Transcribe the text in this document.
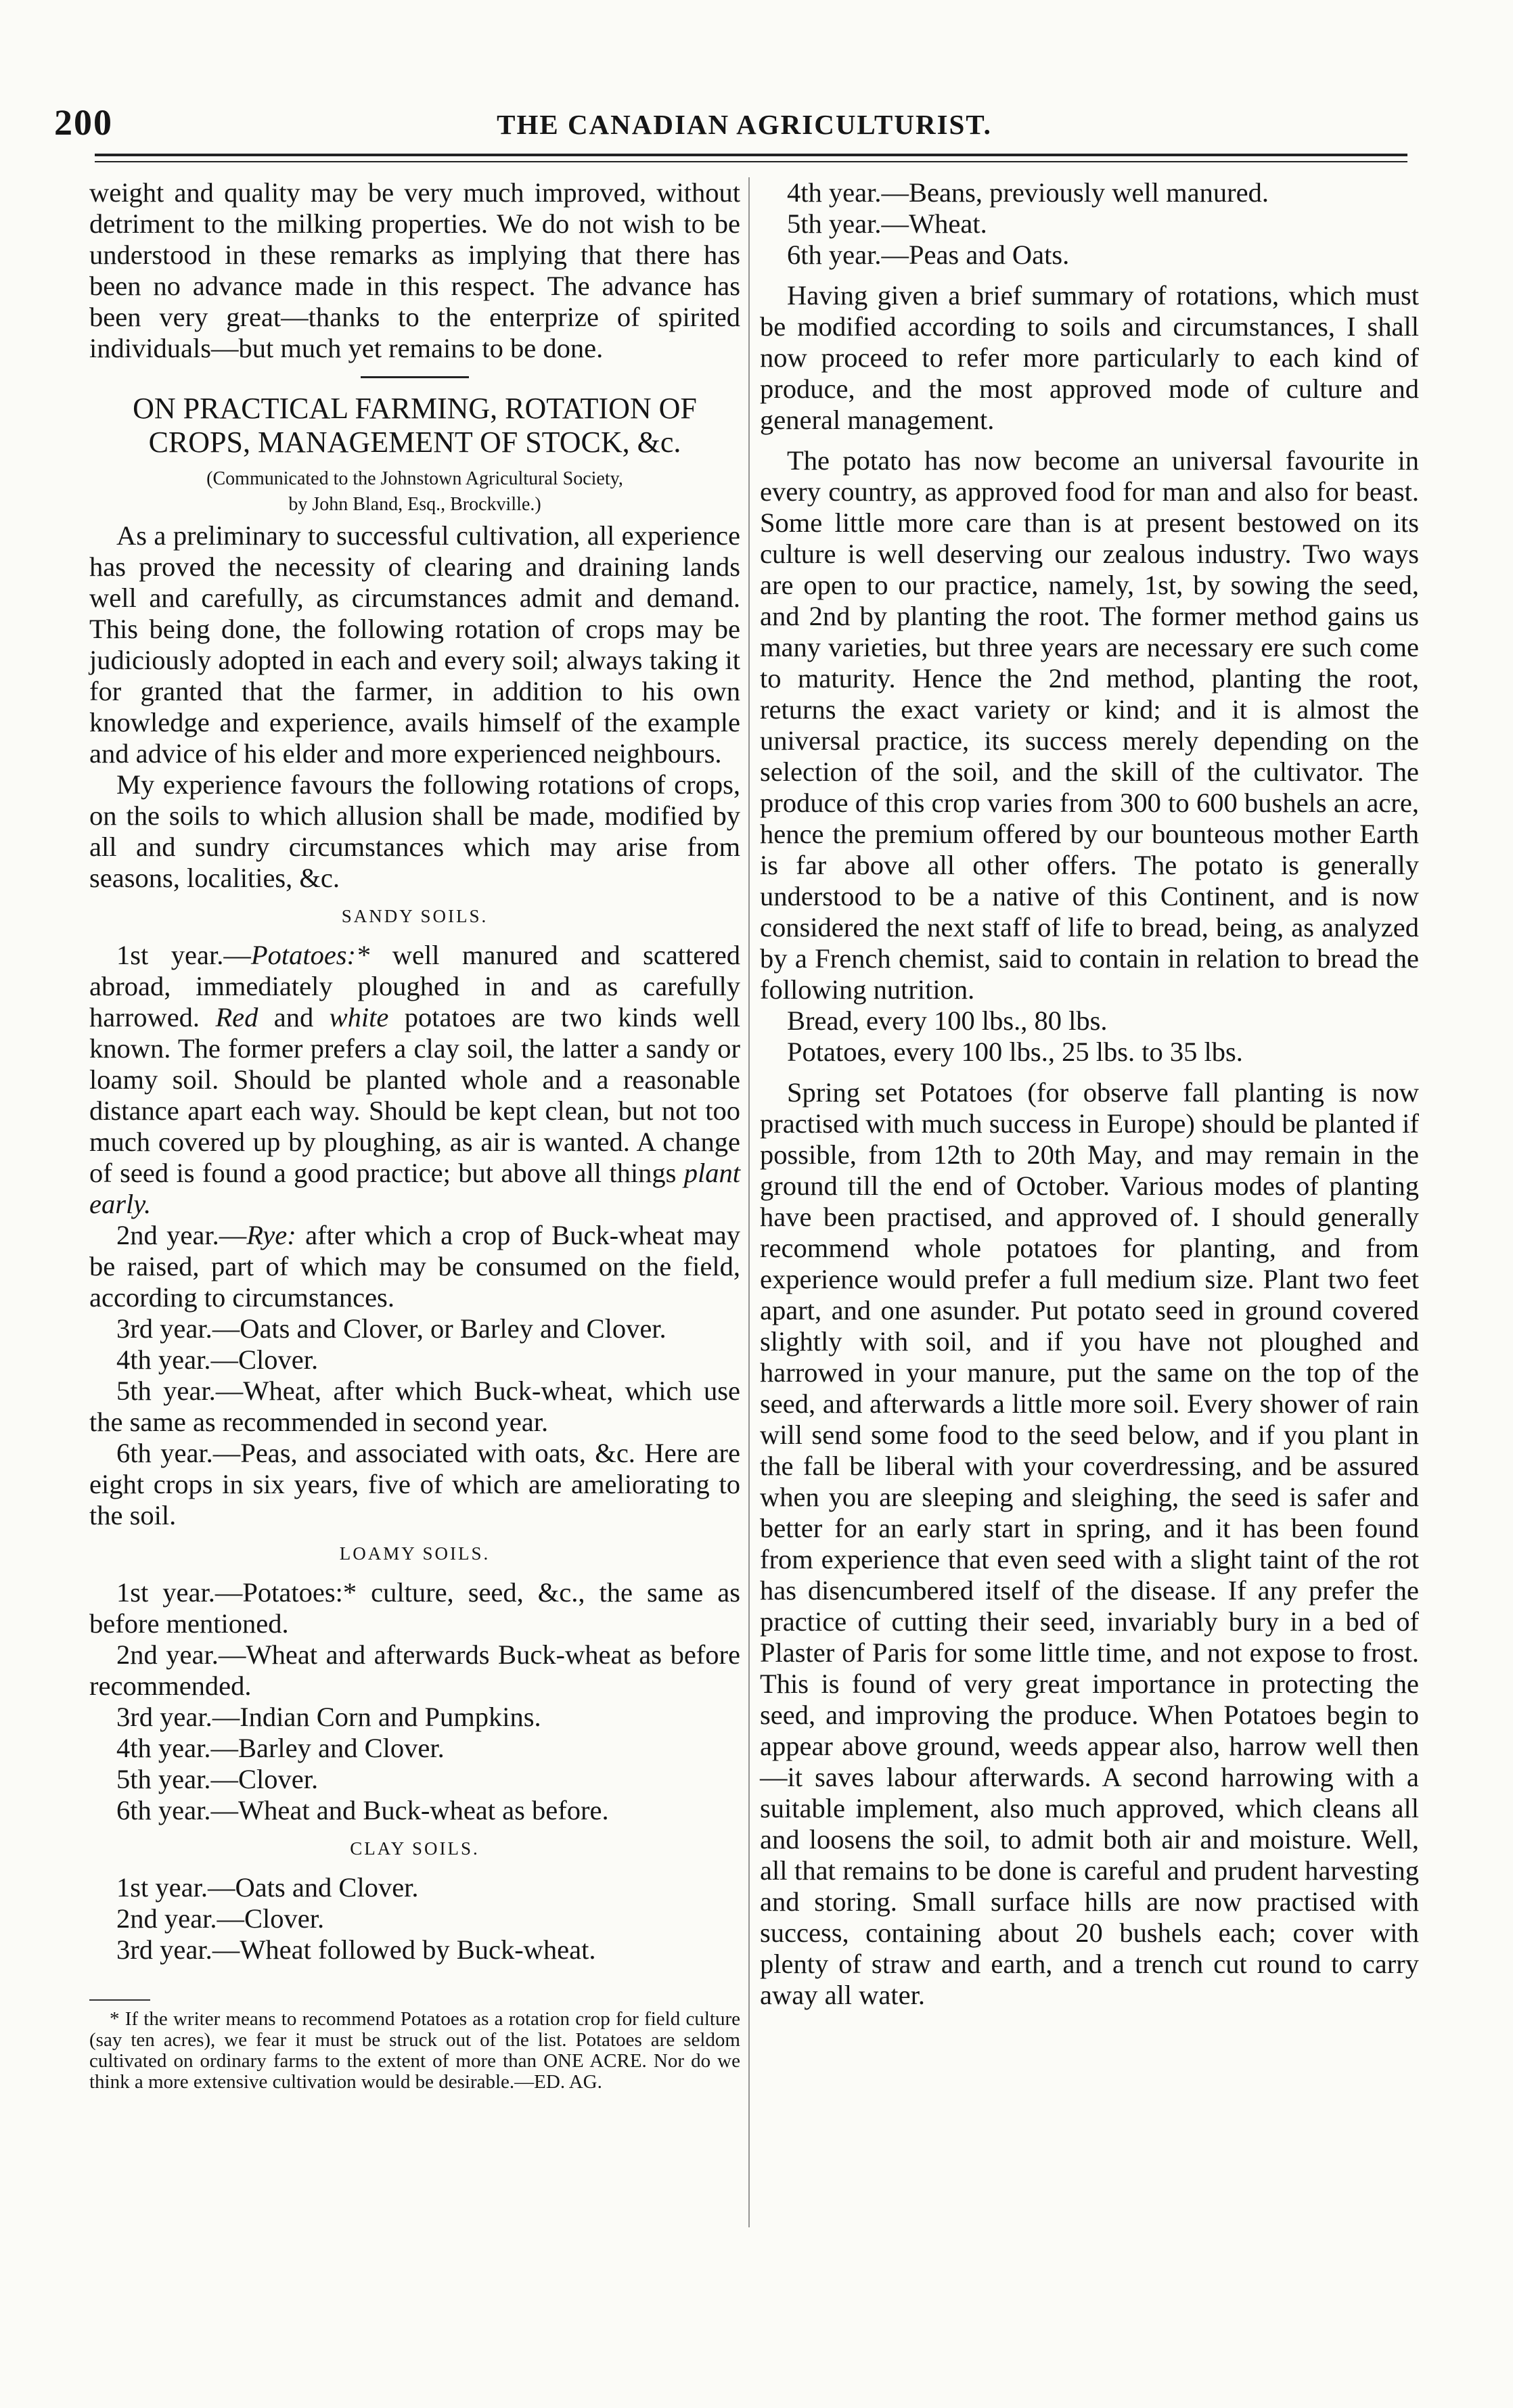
200	THE CANADIAN AGRICULTURIST.

weight and quality may be very much improved, without detriment to the milking properties. We do not wish to be understood in these remarks as implying that there has been no advance made in this respect. The advance has been very great—thanks to the enterprize of spirited individuals—but much yet remains to be done.

ON PRACTICAL FARMING, ROTATION OF CROPS, MANAGEMENT OF STOCK, &c.
(Communicated to the Johnstown Agricultural Society,
by John Bland, Esq., Brockville.)

As a preliminary to successful cultivation, all experience has proved the necessity of clearing and draining lands well and carefully, as circumstances admit and demand. This being done, the following rotation of crops may be judiciously adopted in each and every soil; always taking it for granted that the farmer, in addition to his own knowledge and experience, avails himself of the example and advice of his elder and more experienced neighbours.

My experience favours the following rotations of crops, on the soils to which allusion shall be made, modified by all and sundry circumstances which may arise from seasons, localities, &c.

SANDY SOILS.

1st year.—Potatoes:* well manured and scattered abroad, immediately ploughed in and as carefully harrowed. Red and white potatoes are two kinds well known. The former prefers a clay soil, the latter a sandy or loamy soil. Should be planted whole and a reasonable distance apart each way. Should be kept clean, but not too much covered up by ploughing, as air is wanted. A change of seed is found a good practice; but above all things plant early.

2nd year.—Rye: after which a crop of Buck-wheat may be raised, part of which may be consumed on the field, according to circumstances.

3rd year.—Oats and Clover, or Barley and Clover.

4th year.—Clover.

5th year.—Wheat, after which Buck-wheat, which use the same as recommended in second year.

6th year.—Peas, and associated with oats, &c. Here are eight crops in six years, five of which are ameliorating to the soil.

LOAMY SOILS.

1st year.—Potatoes:* culture, seed, &c., the same as before mentioned.

2nd year.—Wheat and afterwards Buck-wheat as before recommended.

3rd year.—Indian Corn and Pumpkins.

4th year.—Barley and Clover.

5th year.—Clover.

6th year.—Wheat and Buck-wheat as before.

CLAY SOILS.

1st year.—Oats and Clover.

2nd year.—Clover.

3rd year.—Wheat followed by Buck-wheat.

* If the writer means to recommend Potatoes as a rotation crop for field culture (say ten acres), we fear it must be struck out of the list. Potatoes are seldom cultivated on ordinary farms to the extent of more than ONE ACRE. Nor do we think a more extensive cultivation would be desirable.—ED. AG.

4th year.—Beans, previously well manured.

5th year.—Wheat.

6th year.—Peas and Oats.

Having given a brief summary of rotations, which must be modified according to soils and circumstances, I shall now proceed to refer more particularly to each kind of produce, and the most approved mode of culture and general management.

The potato has now become an universal favourite in every country, as approved food for man and also for beast. Some little more care than is at present bestowed on its culture is well deserving our zealous industry. Two ways are open to our practice, namely, 1st, by sowing the seed, and 2nd by planting the root. The former method gains us many varieties, but three years are necessary ere such come to maturity. Hence the 2nd method, planting the root, returns the exact variety or kind; and it is almost the universal practice, its success merely depending on the selection of the soil, and the skill of the cultivator. The produce of this crop varies from 300 to 600 bushels an acre, hence the premium offered by our bounteous mother Earth is far above all other offers. The potato is generally understood to be a native of this Continent, and is now considered the next staff of life to bread, being, as analyzed by a French chemist, said to contain in relation to bread the following nutrition.

Bread, every 100 lbs., 80 lbs.

Potatoes, every 100 lbs., 25 lbs. to 35 lbs.

Spring set Potatoes (for observe fall planting is now practised with much success in Europe) should be planted if possible, from 12th to 20th May, and may remain in the ground till the end of October. Various modes of planting have been practised, and approved of. I should generally recommend whole potatoes for planting, and from experience would prefer a full medium size. Plant two feet apart, and one asunder. Put potato seed in ground covered slightly with soil, and if you have not ploughed and harrowed in your manure, put the same on the top of the seed, and afterwards a little more soil. Every shower of rain will send some food to the seed below, and if you plant in the fall be liberal with your coverdressing, and be assured when you are sleeping and sleighing, the seed is safer and better for an early start in spring, and it has been found from experience that even seed with a slight taint of the rot has disencumbered itself of the disease. If any prefer the practice of cutting their seed, invariably bury in a bed of Plaster of Paris for some little time, and not expose to frost. This is found of very great importance in protecting the seed, and improving the produce. When Potatoes begin to appear above ground, weeds appear also, harrow well then—it saves labour afterwards. A second harrowing with a suitable implement, also much approved, which cleans all and loosens the soil, to admit both air and moisture. Well, all that remains to be done is careful and prudent harvesting and storing. Small surface hills are now practised with success, containing about 20 bushels each; cover with plenty of straw and earth, and a trench cut round to carry away all water.
